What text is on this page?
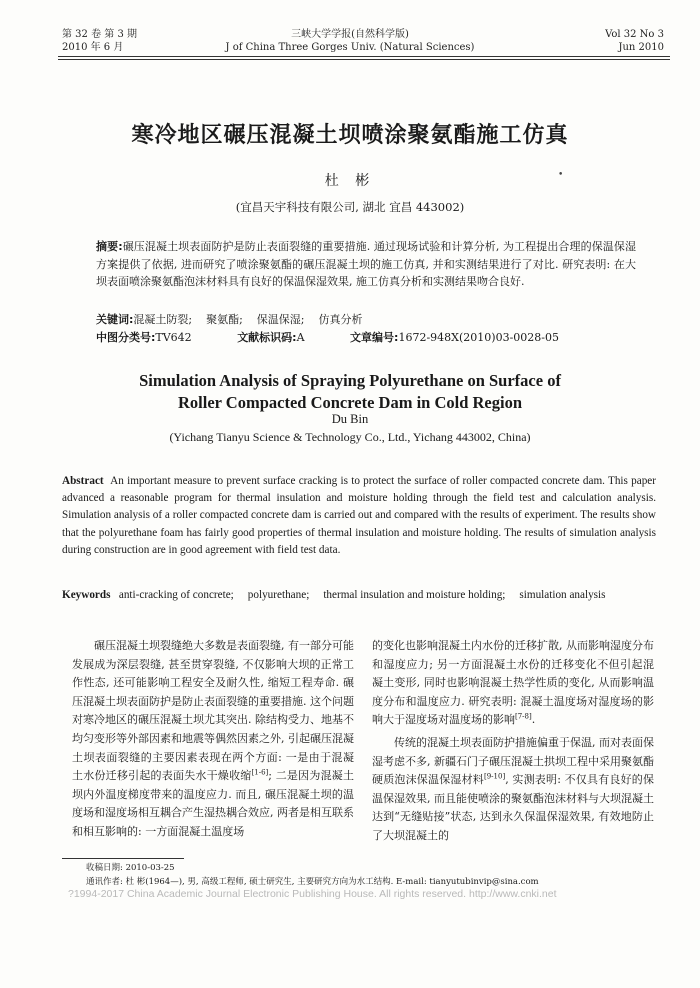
第 32 卷 第 3 期
2010 年 6 月
三峡大学学报(自然科学版)
J of China Three Gorges Univ. (Natural Sciences)
Vol 32 No 3
Jun 2010
寒冷地区碾压混凝土坝喷涂聚氨酯施工仿真
杜 彬	•
(宜昌天宇科技有限公司, 湖北 宜昌 443002)
摘要:碾压混凝土坝表面防护是防止表面裂缝的重要措施. 通过现场试验和计算分析, 为工程提出合理的保温保湿方案提供了依据, 进而研究了喷涂聚氨酯的碾压混凝土坝的施工仿真, 并和实测结果进行了对比. 研究表明: 在大坝表面喷涂聚氨酯泡沫材料具有良好的保温保湿效果, 施工仿真分析和实测结果吻合良好.
关键词:混凝土防裂;    聚氨酯;    保温保湿;    仿真分析
中图分类号:TV642	文献标识码:A	文章编号:1672-948X(2010)03-0028-05
Simulation Analysis of Spraying Polyurethane on Surface of
Roller Compacted Concrete Dam in Cold Region
Du Bin
(Yichang Tianyu Science & Technology Co., Ltd., Yichang 443002, China)
Abstract An important measure to prevent surface cracking is to protect the surface of roller compacted concrete dam. This paper advanced a reasonable program for thermal insulation and moisture holding through the field test and calculation analysis. Simulation analysis of a roller compacted concrete dam is carried out and compared with the results of experiment. The results show that the polyurethane foam has fairly good properties of thermal insulation and moisture holding. The results of simulation analysis during construction are in good agreement with field test data.
Keywords anti-cracking of concrete; polyurethane; thermal insulation and moisture holding; simulation analysis

碾压混凝土坝裂缝绝大多数是表面裂缝, 有一部分可能发展成为深层裂缝, 甚至贯穿裂缝, 不仅影响大坝的正常工作性态, 还可能影响工程安全及耐久性, 缩短工程寿命. 碾压混凝土坝表面防护是防止表面裂缝的重要措施. 这个问题对寒冷地区的碾压混凝土坝尤其突出. 除结构受力、地基不均匀变形等外部因素和地震等偶然因素之外, 引起碾压混凝土坝表面裂缝的主要因素表现在两个方面: 一是由于混凝土水份迁移引起的表面失水干燥收缩[1-6]; 二是因为混凝土坝内外温度梯度带来的温度应力. 而且, 碾压混凝土坝的温度场和湿度场相互耦合产生湿热耦合效应, 两者是相互联系和相互影响的: 一方面混凝土温度场

的变化也影响混凝土内水份的迁移扩散, 从而影响湿度分布和湿度应力; 另一方面混凝土水份的迁移变化不但引起混凝土变形, 同时也影响混凝土热学性质的变化, 从而影响温度分布和温度应力. 研究表明: 混凝土温度场对湿度场的影响大于湿度场对温度场的影响[7-8].

传统的混凝土坝表面防护措施偏重于保温, 而对表面保湿考虑不多, 新疆石门子碾压混凝土拱坝工程中采用聚氨酯硬质泡沫保温保湿材料[9-10], 实测表明: 不仅具有良好的保温保湿效果, 而且能使喷涂的聚氨酯泡沫材料与大坝混凝土达到“无缝贴接”状态, 达到永久保温保湿效果, 有效地防止了大坝混凝土的

收稿日期: 2010-03-25
通讯作者: 杜 彬(1964—), 男, 高级工程师, 硕士研究生, 主要研究方向为水工结构. E-mail: tianyutubinvip@sina.com
?1994-2017 China Academic Journal Electronic Publishing House. All rights reserved. http://www.cnki.net
